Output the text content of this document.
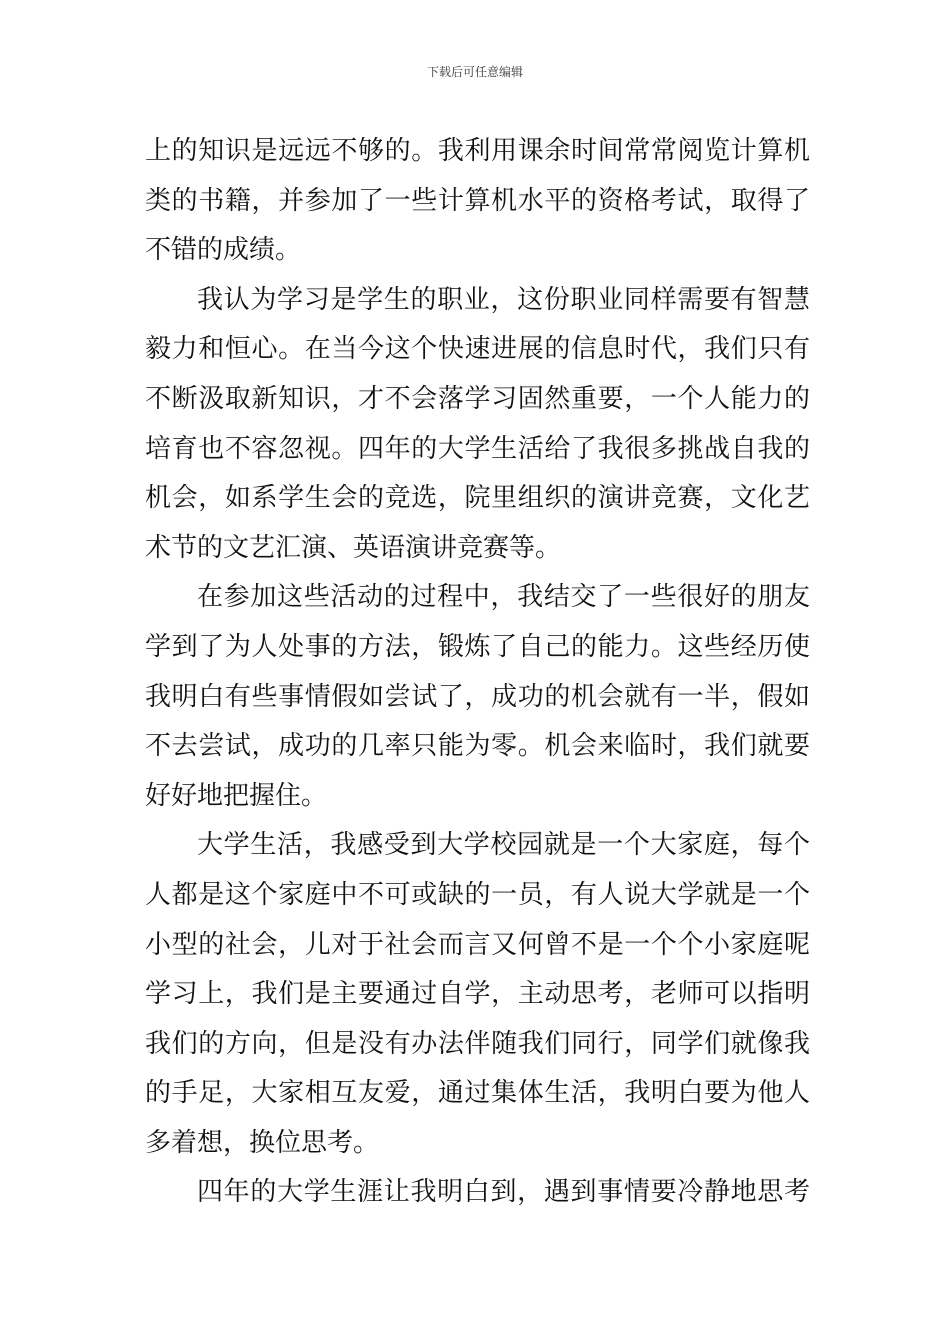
下载后可任意编辑
上的知识是远远不够的。我利用课余时间常常阅览计算机
类的书籍，并参加了一些计算机水平的资格考试，取得了
不错的成绩。
我认为学习是学生的职业，这份职业同样需要有智慧
毅力和恒心。在当今这个快速进展的信息时代，我们只有
不断汲取新知识，才不会落学习固然重要，一个人能力的
培育也不容忽视。四年的大学生活给了我很多挑战自我的
机会，如系学生会的竞选，院里组织的演讲竞赛，文化艺
术节的文艺汇演、英语演讲竞赛等。
在参加这些活动的过程中，我结交了一些很好的朋友
学到了为人处事的方法，锻炼了自己的能力。这些经历使
我明白有些事情假如尝试了，成功的机会就有一半，假如
不去尝试，成功的几率只能为零。机会来临时，我们就要
好好地把握住。
大学生活，我感受到大学校园就是一个大家庭，每个
人都是这个家庭中不可或缺的一员，有人说大学就是一个
小型的社会，儿对于社会而言又何曾不是一个个小家庭呢
学习上，我们是主要通过自学，主动思考，老师可以指明
我们的方向，但是没有办法伴随我们同行，同学们就像我
的手足，大家相互友爱，通过集体生活，我明白要为他人
多着想，换位思考。
四年的大学生涯让我明白到，遇到事情要冷静地思考
